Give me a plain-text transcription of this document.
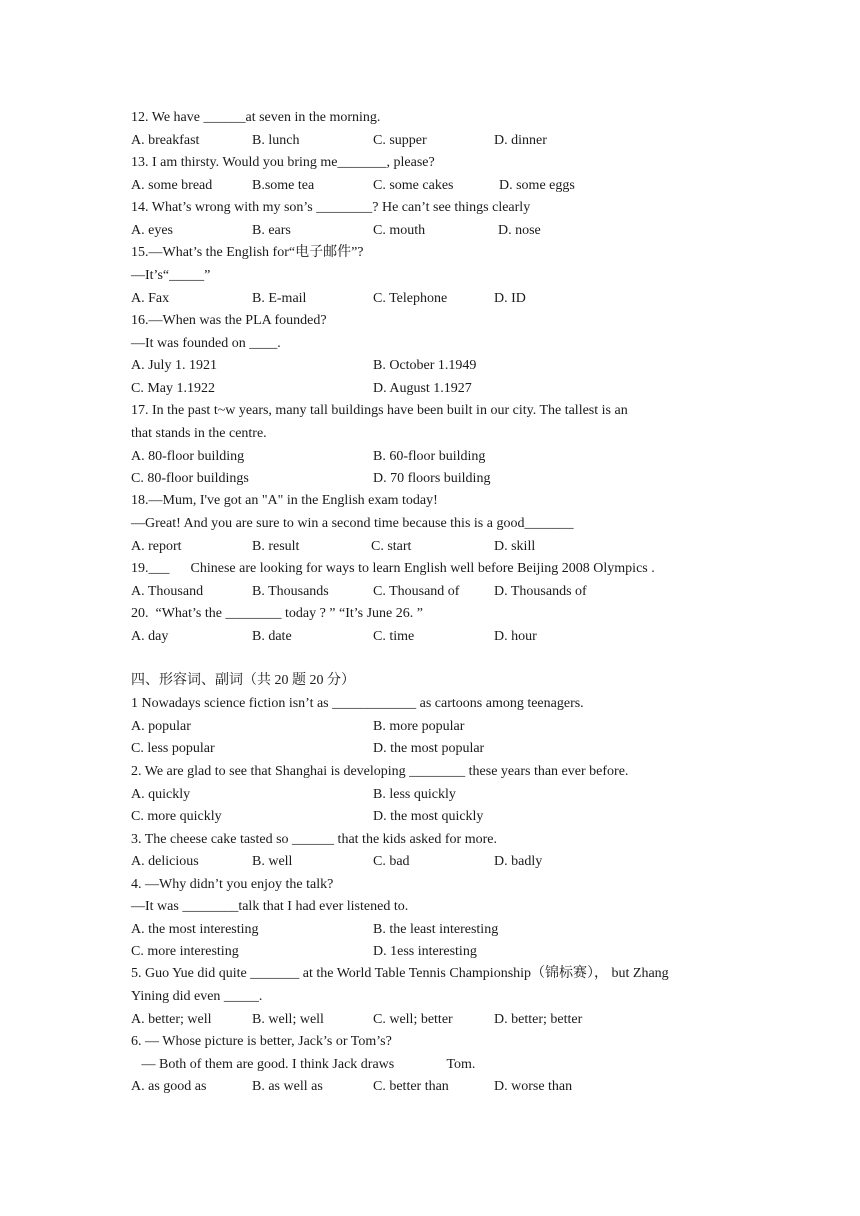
12. We have ______at seven in the morning.
A. breakfast	B. lunch	C. supper	D. dinner
13. I am thirsty. Would you bring me_______, please?
A. some bread	B.some tea	C. some cakes	D. some eggs
14. What’s wrong with my son’s ________? He can’t see things clearly
A. eyes	B. ears	C. mouth	D. nose
15.—What’s the English for“电子邮件”?
—It’s“_____”
A. Fax	B. E-mail	C. Telephone	D. ID
16.—When was the PLA founded?
—It was founded on ____.
A. July 1. 1921	B. October 1.1949
C. May 1.1922	D. August 1.1927
17. In the past t~w years, many tall buildings have been built in our city. The tallest is an
that stands in the centre.
A. 80-floor building	B. 60-floor building
C. 80-floor buildings	D. 70 floors building
18.—Mum, I've got an "A" in the English exam today!
—Great! And you are sure to win a second time because this is a good_______
A. report	B. result	C. start	D. skill
19.___      Chinese are looking for ways to learn English well before Beijing 2008 Olympics .
A. Thousand	B. Thousands	C. Thousand of D. Thousands of
20.  “What’s the ________ today ? ” “It’s June 26. ”
A. day	B. date	C. time	D. hour
四、形容词、副词（共 20 题 20 分）
1 Nowadays science fiction isn’t as ____________ as cartoons among teenagers.
A. popular	B. more popular
C. less popular	D. the most popular
2. We are glad to see that Shanghai is developing ________ these years than ever before.
A. quickly	B. less quickly
C. more quickly	D. the most quickly
3. The cheese cake tasted so ______ that the kids asked for more.
A. delicious	B. well	C. bad	D. badly
4. —Why didn’t you enjoy the talk?
—It was ________talk that I had ever listened to.
A. the most interesting	B. the least interesting
C. more interesting	D. 1ess interesting
5. Guo Yue did quite _______ at the World Table Tennis Championship（锦标赛）， but Zhang
Yining did even _____.
A. better; well	B. well; well	C. well; better	D. better; better
6. — Whose picture is better, Jack’s or Tom’s?
— Both of them are good. I think Jack draws               Tom.
A. as good as	B. as well as	C. better than	D. worse than
